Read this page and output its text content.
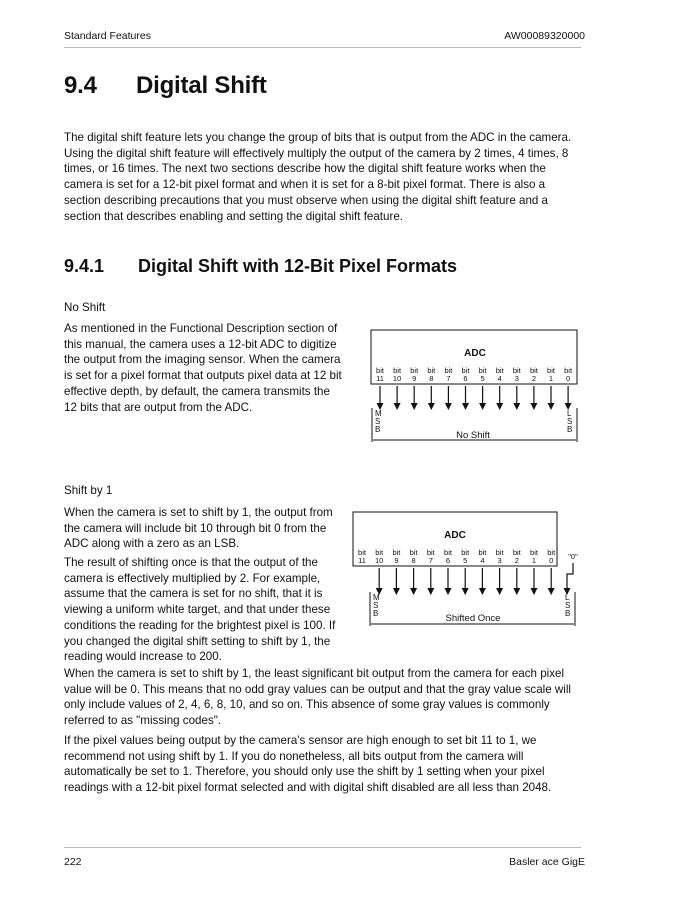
Standard Features	AW00089320000
9.4 Digital Shift

The digital shift feature lets you change the group of bits that is output from the ADC in the camera. Using the digital shift feature will effectively multiply the output of the camera by 2 times, 4 times, 8 times, or 16 times. The next two sections describe how the digital shift feature works when the camera is set for a 12-bit pixel format and when it is set for a 8-bit pixel format. There is also a section describing precautions that you must observe when using the digital shift feature and a section that describes enabling and setting the digital shift feature.

9.4.1 Digital Shift with 12-Bit Pixel Formats
No Shift

As mentioned in the Functional Description section of this manual, the camera uses a 12-bit ADC to digitize the output from the imaging sensor. When the camera is set for a pixel format that outputs pixel data at 12 bit effective depth, by default, the camera transmits the 12 bits that are output from the ADC.

ADC
bit
11
bit
10
bit
9
bit
8
bit
7
bit
6
bit
5
bit
4
bit
3
bit
2
bit
1
bit
0
M
S
B
L
S
B
No Shift
Shift by 1

When the camera is set to shift by 1, the output from the camera will include bit 10 through bit 0 from the ADC along with a zero as an LSB.

The result of shifting once is that the output of the camera is effectively multiplied by 2. For example, assume that the camera is set for no shift, that it is viewing a uniform white target, and that under these conditions the reading for the brightest pixel is 100. If you changed the digital shift setting to shift by 1, the reading would increase to 200.

ADC
bit
11
bit
10
bit
9
bit
8
bit
7
bit
6
bit
5
bit
4
bit
3
bit
2
bit
1
bit
0 "0"
M
S
B
L
S
B
Shifted Once

When the camera is set to shift by 1, the least significant bit output from the camera for each pixel value will be 0. This means that no odd gray values can be output and that the gray value scale will only include values of 2, 4, 6, 8, 10, and so on. This absence of some gray values is commonly referred to as "missing codes".

If the pixel values being output by the camera's sensor are high enough to set bit 11 to 1, we recommend not using shift by 1. If you do nonetheless, all bits output from the camera will automatically be set to 1. Therefore, you should only use the shift by 1 setting when your pixel readings with a 12-bit pixel format selected and with digital shift disabled are all less than 2048.

222	Basler ace GigE
